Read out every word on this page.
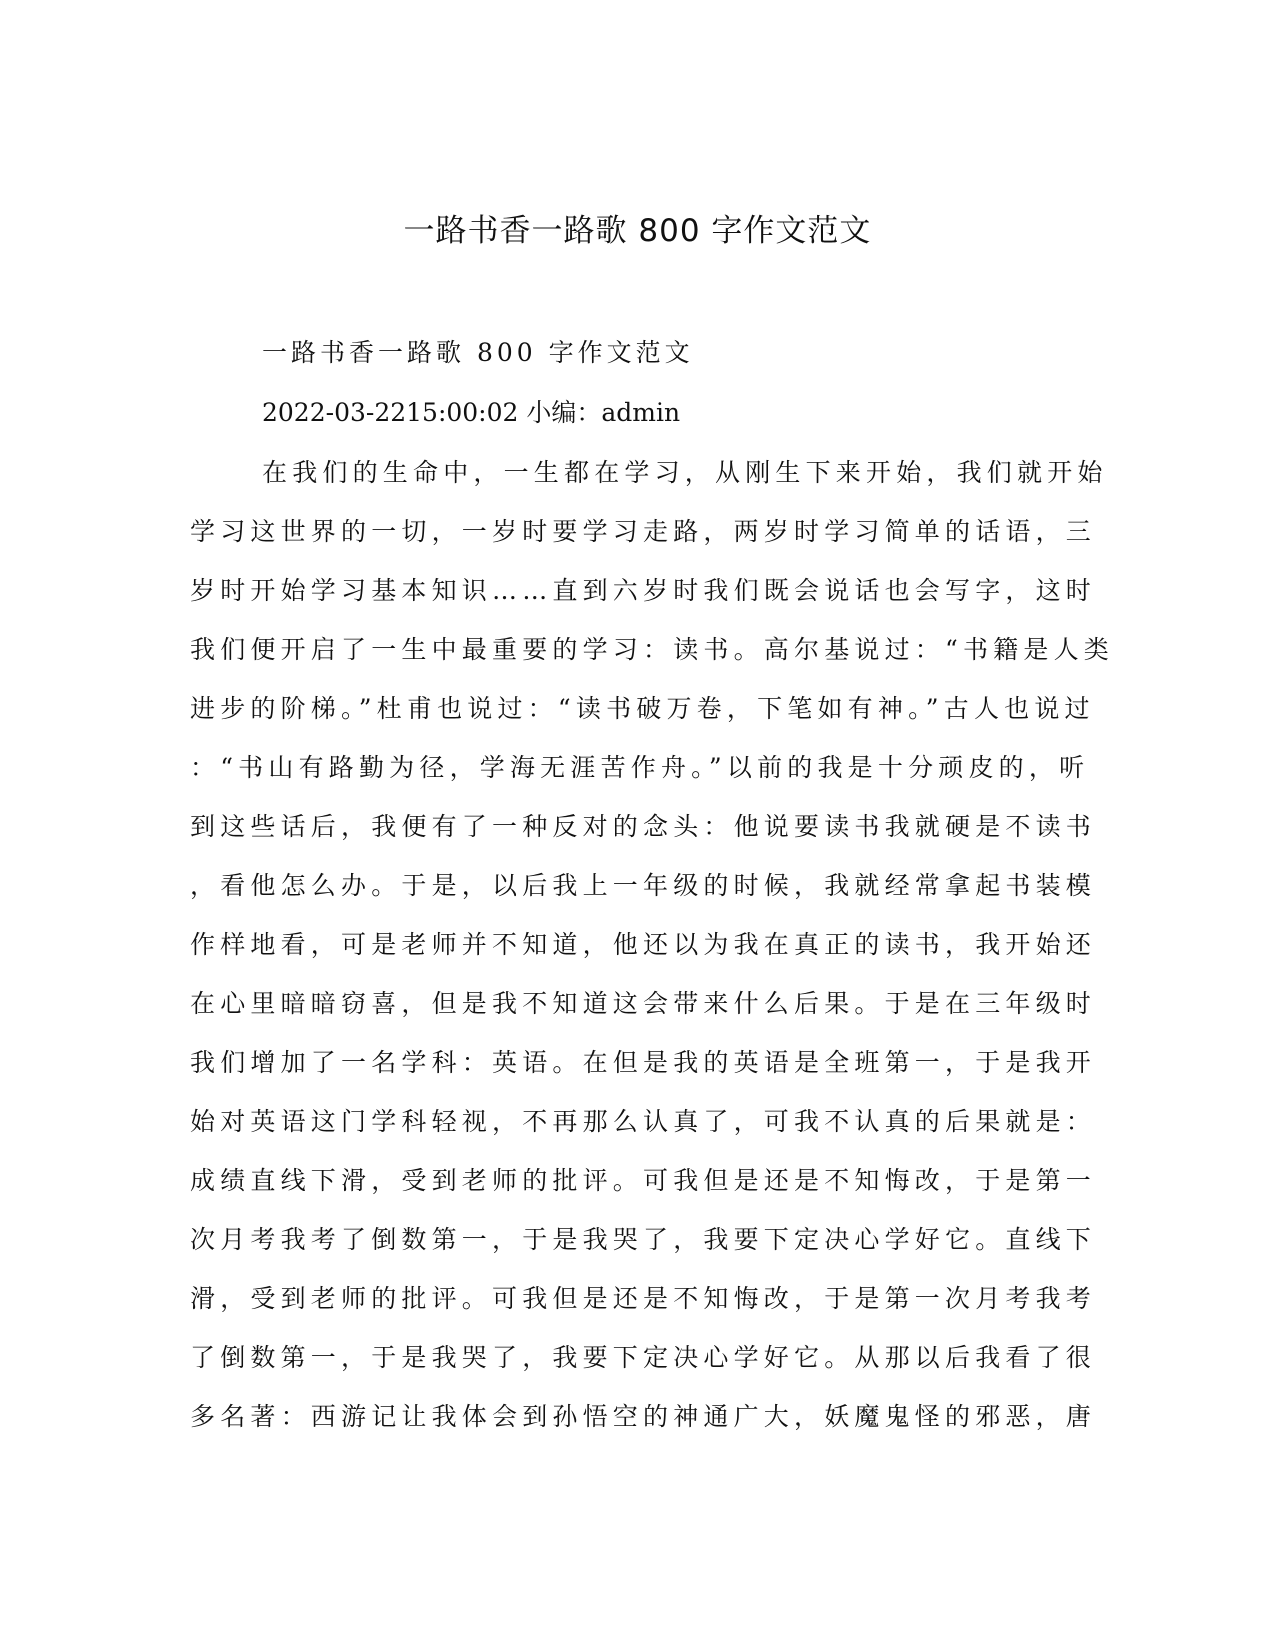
一路书香一路歌 800 字作文范文
一路书香一路歌 800 字作文范文
2022-03-2215:00:02 小编：admin
在我们的生命中，一生都在学习，从刚生下来开始，我们就开始
学习这世界的一切，一岁时要学习走路，两岁时学习简单的话语，三
岁时开始学习基本知识……直到六岁时我们既会说话也会写字，这时
我们便开启了一生中最重要的学习：读书。高尔基说过：“书籍是人类
进步的阶梯。”杜甫也说过：“读书破万卷，下笔如有神。”古人也说过
：“书山有路勤为径，学海无涯苦作舟。”以前的我是十分顽皮的，听
到这些话后，我便有了一种反对的念头：他说要读书我就硬是不读书
，看他怎么办。于是，以后我上一年级的时候，我就经常拿起书装模
作样地看，可是老师并不知道，他还以为我在真正的读书，我开始还
在心里暗暗窃喜，但是我不知道这会带来什么后果。于是在三年级时
我们增加了一名学科：英语。在但是我的英语是全班第一，于是我开
始对英语这门学科轻视，不再那么认真了，可我不认真的后果就是：
成绩直线下滑，受到老师的批评。可我但是还是不知悔改，于是第一
次月考我考了倒数第一，于是我哭了，我要下定决心学好它。直线下
滑，受到老师的批评。可我但是还是不知悔改，于是第一次月考我考
了倒数第一，于是我哭了，我要下定决心学好它。从那以后我看了很
多名著：西游记让我体会到孙悟空的神通广大，妖魔鬼怪的邪恶，唐
